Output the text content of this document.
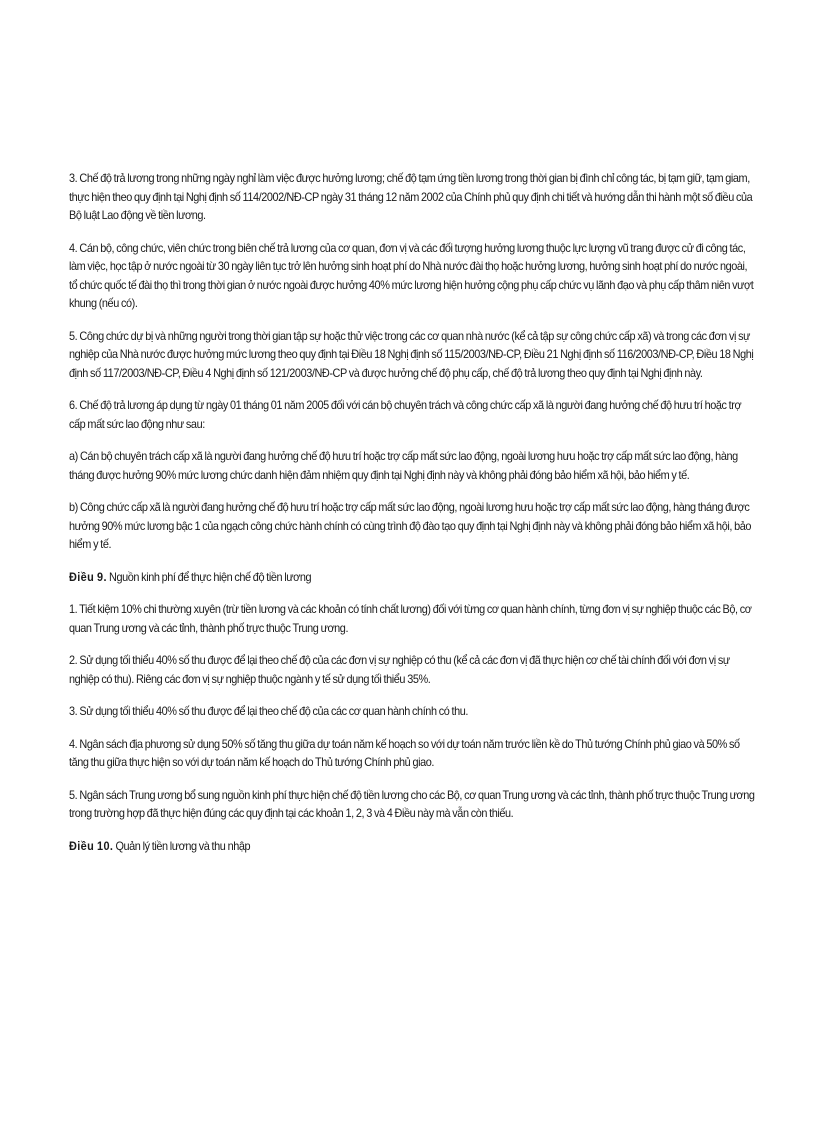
3. Chế độ trả lương trong những ngày nghỉ làm việc được hưởng lương; chế độ tạm ứng tiền lương trong thời gian bị đình chỉ công tác, bị tạm giữ, tạm giam, thực hiện theo quy định tại Nghị định số 114/2002/NĐ-CP ngày 31 tháng 12 năm 2002 của Chính phủ quy định chi tiết và hướng dẫn thi hành một số điều của Bộ luật Lao động về tiền lương.

4. Cán bộ, công chức, viên chức trong biên chế trả lương của cơ quan, đơn vị và các đối tượng hưởng lương thuộc lực lượng vũ trang được cử đi công tác, làm việc, học tập ở nước ngoài từ 30 ngày liên tục trở lên hưởng sinh hoạt phí do Nhà nước đài thọ hoặc hưởng lương, hưởng sinh hoạt phí do nước ngoài, tổ chức quốc tế đài thọ thì trong thời gian ở nước ngoài được hưởng 40% mức lương hiện hưởng cộng phụ cấp chức vụ lãnh đạo và phụ cấp thâm niên vượt khung (nếu có).

5. Công chức dự bị và những người trong thời gian tập sự hoặc thử việc trong các cơ quan nhà nước (kể cả tập sự công chức cấp xã) và trong các đơn vị sự nghiệp của Nhà nước được hưởng mức lương theo quy định tại Điều 18 Nghị định số 115/2003/NĐ-CP, Điều 21 Nghị định số 116/2003/NĐ-CP, Điều 18 Nghị định số 117/2003/NĐ-CP, Điều 4 Nghị định số 121/2003/NĐ-CP và được hưởng chế độ phụ cấp, chế độ trả lương theo quy định tại Nghị định này.

6. Chế độ trả lương áp dụng từ ngày 01 tháng 01 năm 2005 đối với cán bộ chuyên trách và công chức cấp xã là người đang hưởng chế độ hưu trí hoặc trợ cấp mất sức lao động như sau:

a) Cán bộ chuyên trách cấp xã là người đang hưởng chế độ hưu trí hoặc trợ cấp mất sức lao động, ngoài lương hưu hoặc trợ cấp mất sức lao động, hàng tháng được hưởng 90% mức lương chức danh hiện đảm nhiệm quy định tại Nghị định này và không phải đóng bảo hiểm xã hội, bảo hiểm y tế.

b) Công chức cấp xã là người đang hưởng chế độ hưu trí hoặc trợ cấp mất sức lao động, ngoài lương hưu hoặc trợ cấp mất sức lao động, hàng tháng được hưởng 90% mức lương bậc 1 của ngạch công chức hành chính có cùng trình độ đào tạo quy định tại Nghị định này và không phải đóng bảo hiểm xã hội, bảo hiểm y tế.

Điều 9. Nguồn kinh phí để thực hiện chế độ tiền lương

1. Tiết kiệm 10% chi thường xuyên (trừ tiền lương và các khoản có tính chất lương) đối với từng cơ quan hành chính, từng đơn vị sự nghiệp thuộc các Bộ, cơ quan Trung ương và các tỉnh, thành phố trực thuộc Trung ương.

2. Sử dụng tối thiểu 40% số thu được để lại theo chế độ của các đơn vị sự nghiệp có thu (kể cả các đơn vị đã thực hiện cơ chế tài chính đối với đơn vị sự nghiệp có thu). Riêng các đơn vị sự nghiệp thuộc ngành y tế sử dụng tối thiểu 35%.

3. Sử dụng tối thiểu 40% số thu được để lại theo chế độ của các cơ quan hành chính có thu.

4. Ngân sách địa phương sử dụng 50% số tăng thu giữa dự toán năm kế hoạch so với dự toán năm trước liền kề do Thủ tướng Chính phủ giao và 50% số tăng thu giữa thực hiện so với dự toán năm kế hoạch do Thủ tướng Chính phủ giao.

5. Ngân sách Trung ương bổ sung nguồn kinh phí thực hiện chế độ tiền lương cho các Bộ, cơ quan Trung ương và các tỉnh, thành phố trực thuộc Trung ương trong trường hợp đã thực hiện đúng các quy định tại các khoản 1, 2, 3 và 4 Điều này mà vẫn còn thiếu.

Điều 10. Quản lý tiền lương và thu nhập
